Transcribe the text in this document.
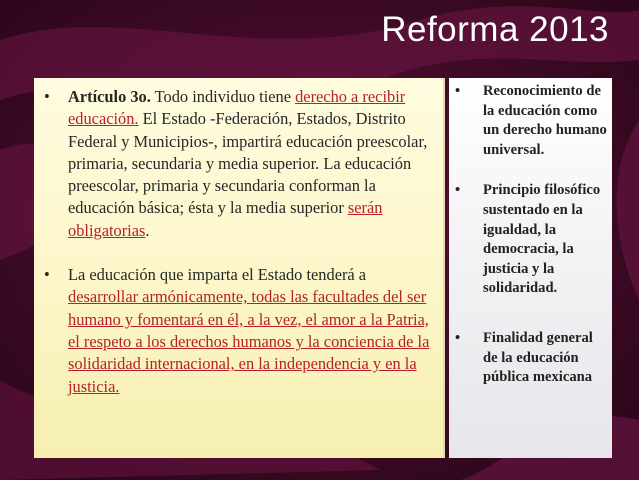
Reforma 2013
• Artículo 3o. Todo individuo tiene derecho a recibir educación. El Estado -Federación, Estados, Distrito Federal y Municipios-, impartirá educación preescolar, primaria, secundaria y media superior. La educación preescolar, primaria y secundaria conforman la educación básica; ésta y la media superior serán obligatorias.
• La educación que imparta el Estado tenderá a desarrollar armónicamente, todas las facultades del ser humano y fomentará en él, a la vez, el amor a la Patria, el respeto a los derechos humanos y la conciencia de la solidaridad internacional, en la independencia y en la justicia.
• Reconocimiento de la educación como un derecho humano universal.
• Principio filosófico sustentado en la igualdad, la democracia, la justicia y la solidaridad.
• Finalidad general de la educación pública mexicana
